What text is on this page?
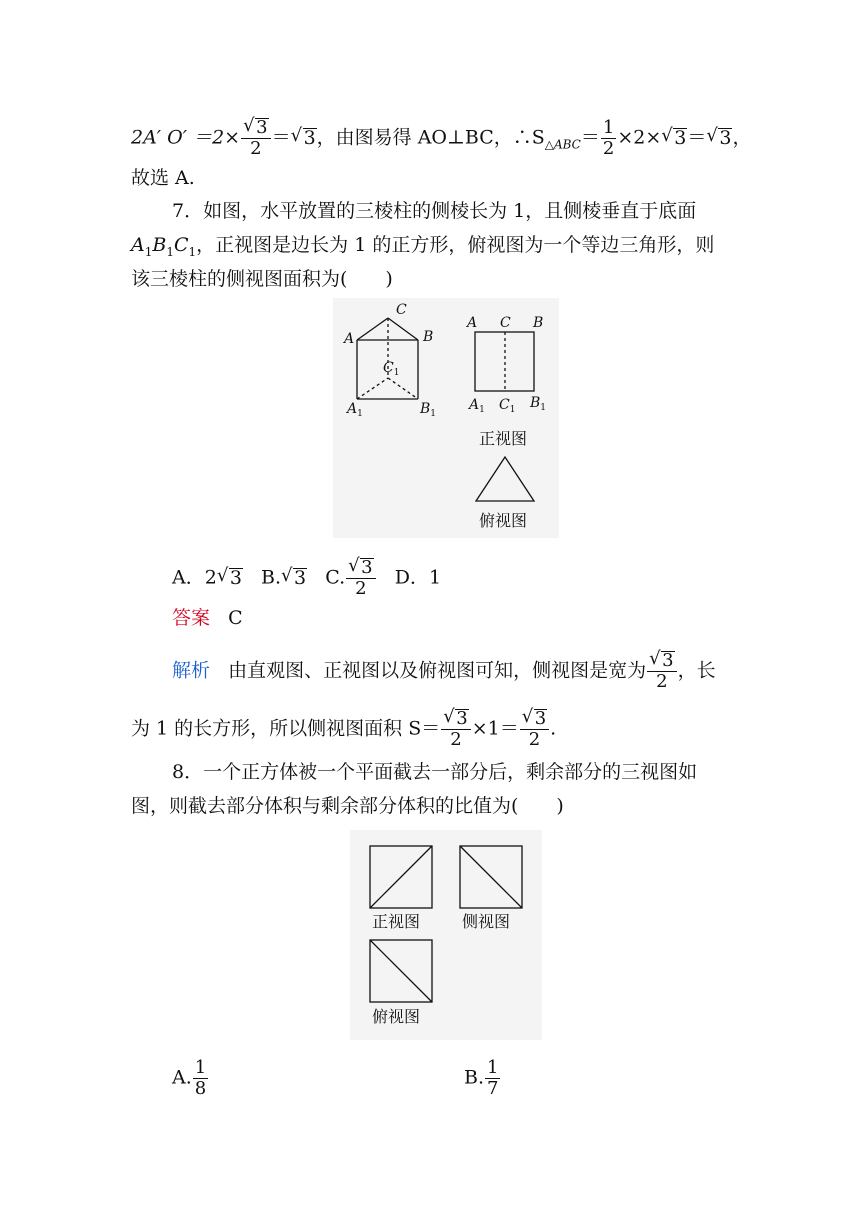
2A′ $O' =2\times \frac{√ 3}{2}$ ＝ √ 3，由图易得 AO⊥BC，$\therefore S_{\triangle ABC}= \frac{1}{2} \times 2\times$ √ 3＝ √ 3，
故选 A.
7．如图，水平放置的三棱柱的侧棱长为 1，且侧棱垂直于底面
$A_1B_1C_1$，正视图是边长为 1 的正方形，俯视图为一个等边三角形，则
该三棱柱的侧视图面积为(　　)
C
A	B
$C_1$
$A_1$	$B_1$
A C B
$A_1$ $C_1$ $B_1$
正视图
俯视图
A．2 √ 3 B. √ 3 C. $\frac{√ 3}{2}$ D．1
答案 C
解析 由直观图、正视图以及俯视图可知，侧视图是宽为 $\frac{√ 3}{2}$ ，长
为 1 的长方形，所以侧视图面积 $S= \frac{√ 3}{2} \times 1= \frac{√ 3}{2}$ .
8．一个正方体被一个平面截去一部分后，剩余部分的三视图如
图，则截去部分体积与剩余部分体积的比值为(　　)
正视图	侧视图
俯视图
A. $\frac{1}{8}$	B. $\frac{1}{7}$
